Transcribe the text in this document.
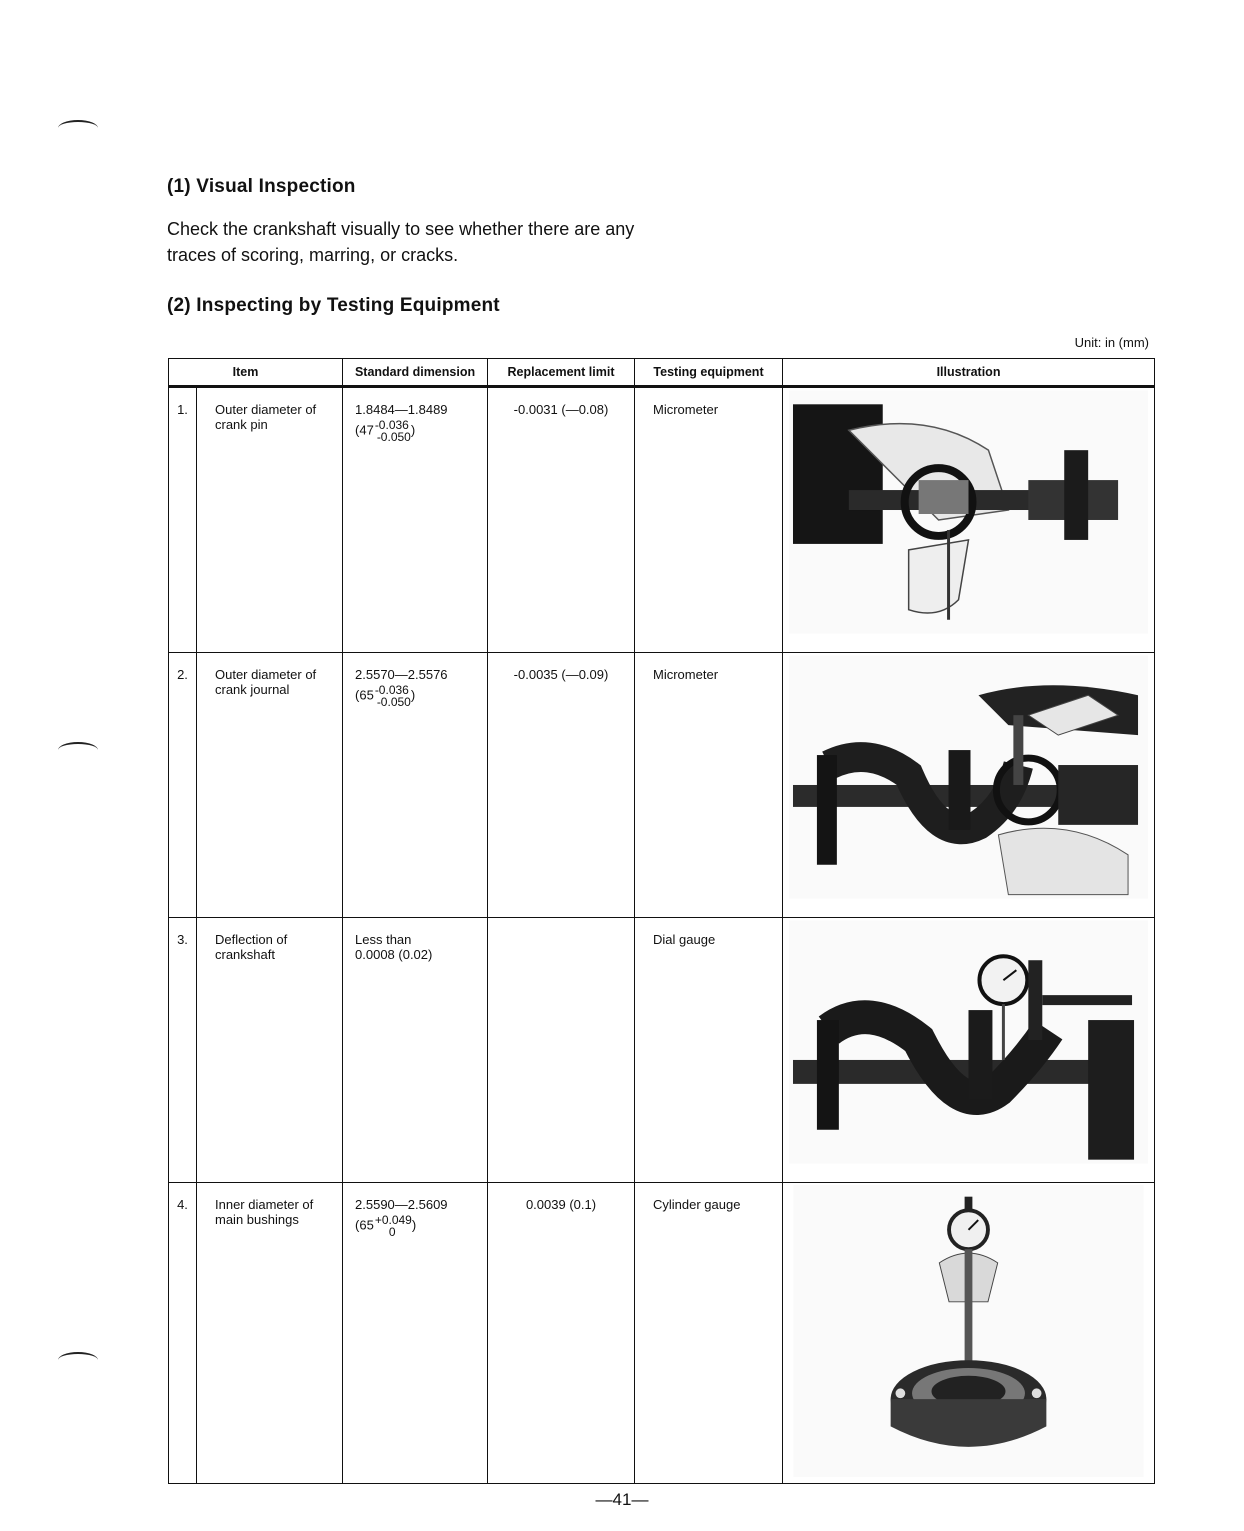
(1) Visual Inspection

Check the crankshaft visually to see whether there are any traces of scoring, marring, or cracks.

(2) Inspecting by Testing Equipment
Unit: in (mm)
Item		Standard dimension	Replacement limit	Testing equipment	Illustration
1.	Outer diameter of crank pin	1.8484—1.8489
(47 -0.036
-0.050 )	-0.0031 (—0.08)	Micrometer	

2.	Outer diameter of crank journal	2.5570—2.5576
(65 -0.036
-0.050 )	-0.0035 (—0.09)	Micrometer	

3.	Deflection of crankshaft	Less than
0.0008 (0.02)		Dial gauge	

4.	Inner diameter of main bushings	2.5590—2.5609
(65 +0.049
0 )	0.0039 (0.1)	Cylinder gauge	
—41—
